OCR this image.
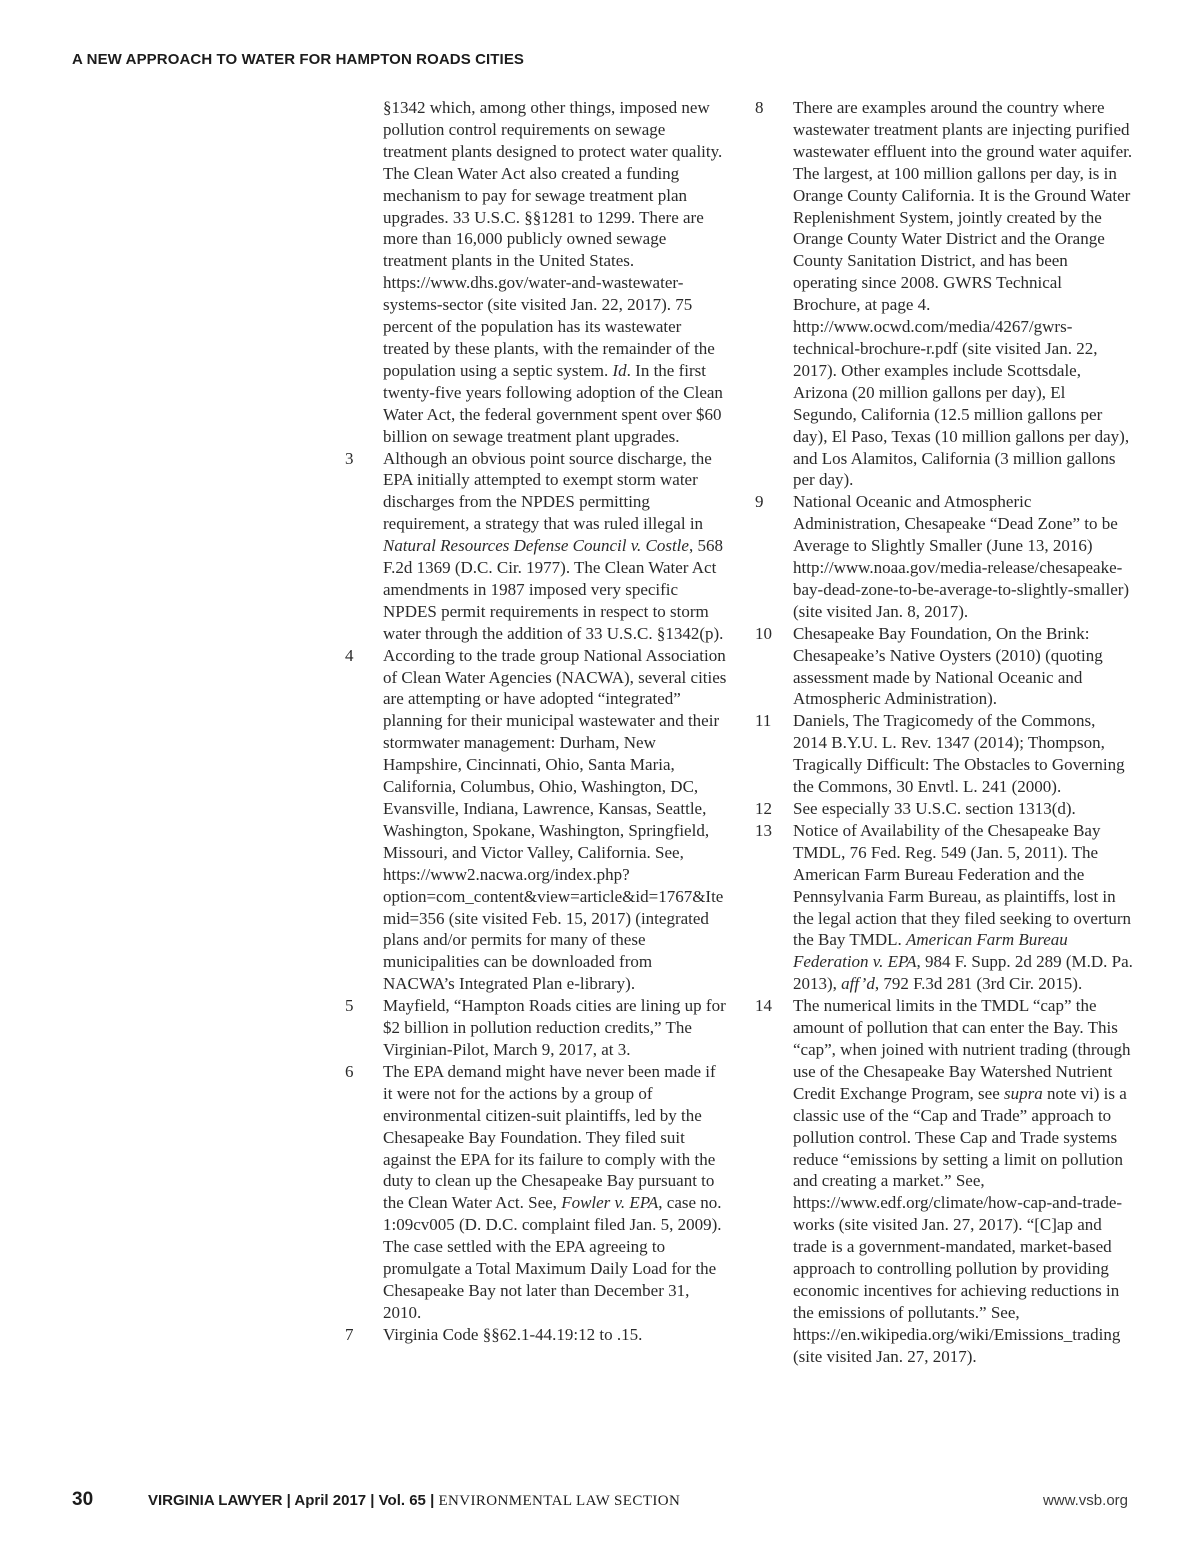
A NEW APPROACH TO WATER FOR HAMPTON ROADS CITIES
§1342 which, among other things, imposed new pollution control requirements on sewage treatment plants designed to protect water quality. The Clean Water Act also created a funding mechanism to pay for sewage treatment plan upgrades. 33 U.S.C. §§1281 to 1299. There are more than 16,000 publicly owned sewage treatment plants in the United States. https://www.dhs.gov/water-and-wastewater-systems-sector (site visited Jan. 22, 2017). 75 percent of the population has its wastewater treated by these plants, with the remainder of the population using a septic system. Id. In the first twenty-five years following adoption of the Clean Water Act, the federal government spent over $60 billion on sewage treatment plant upgrades.
3	Although an obvious point source discharge, the EPA initially attempted to exempt storm water discharges from the NPDES permitting requirement, a strategy that was ruled illegal in Natural Resources Defense Council v. Costle, 568 F.2d 1369 (D.C. Cir. 1977). The Clean Water Act amendments in 1987 imposed very specific NPDES permit requirements in respect to storm water through the addition of 33 U.S.C. §1342(p).
4	According to the trade group National Association of Clean Water Agencies (NACWA), several cities are attempting or have adopted “integrated” planning for their municipal wastewater and their stormwater management: Durham, New Hampshire, Cincinnati, Ohio, Santa Maria, California, Columbus, Ohio, Washington, DC, Evansville, Indiana, Lawrence, Kansas, Seattle, Washington, Spokane, Washington, Springfield, Missouri, and Victor Valley, California. See, https://www2.nacwa.org/index.php?option=com_content&view=article&id=1767&Itemid=356 (site visited Feb. 15, 2017) (integrated plans and/or permits for many of these municipalities can be downloaded from NACWA’s Integrated Plan e-library).
5	Mayfield, “Hampton Roads cities are lining up for $2 billion in pollution reduction credits,” The Virginian-Pilot, March 9, 2017, at 3.
6	The EPA demand might have never been made if it were not for the actions by a group of environmental citizen-suit plaintiffs, led by the Chesapeake Bay Foundation. They filed suit against the EPA for its failure to comply with the duty to clean up the Chesapeake Bay pursuant to the Clean Water Act. See, Fowler v. EPA, case no. 1:09cv005 (D. D.C. complaint filed Jan. 5, 2009). The case settled with the EPA agreeing to promulgate a Total Maximum Daily Load for the Chesapeake Bay not later than December 31, 2010.
7	Virginia Code §§62.1-44.19:12 to .15.
8	There are examples around the country where wastewater treatment plants are injecting purified wastewater effluent into the ground water aquifer. The largest, at 100 million gallons per day, is in Orange County California. It is the Ground Water Replenishment System, jointly created by the Orange County Water District and the Orange County Sanitation District, and has been operating since 2008. GWRS Technical Brochure, at page 4. http://www.ocwd.com/media/4267/gwrs-technical-brochure-r.pdf (site visited Jan. 22, 2017). Other examples include Scottsdale, Arizona (20 million gallons per day), El Segundo, California (12.5 million gallons per day), El Paso, Texas (10 million gallons per day), and Los Alamitos, California (3 million gallons per day).
9	National Oceanic and Atmospheric Administration, Chesapeake “Dead Zone” to be Average to Slightly Smaller (June 13, 2016) http://www.noaa.gov/media-release/chesapeake-bay-dead-zone-to-be-average-to-slightly-smaller) (site visited Jan. 8, 2017).
10	Chesapeake Bay Foundation, On the Brink: Chesapeake’s Native Oysters (2010) (quoting assessment made by National Oceanic and Atmospheric Administration).
11	Daniels, The Tragicomedy of the Commons, 2014 B.Y.U. L. Rev. 1347 (2014); Thompson, Tragically Difficult: The Obstacles to Governing the Commons, 30 Envtl. L. 241 (2000).
12	See especially 33 U.S.C. section 1313(d).
13	Notice of Availability of the Chesapeake Bay TMDL, 76 Fed. Reg. 549 (Jan. 5, 2011). The American Farm Bureau Federation and the Pennsylvania Farm Bureau, as plaintiffs, lost in the legal action that they filed seeking to overturn the Bay TMDL. American Farm Bureau Federation v. EPA, 984 F. Supp. 2d 289 (M.D. Pa. 2013), aff’d, 792 F.3d 281 (3rd Cir. 2015).
14	The numerical limits in the TMDL “cap” the amount of pollution that can enter the Bay. This “cap”, when joined with nutrient trading (through use of the Chesapeake Bay Watershed Nutrient Credit Exchange Program, see supra note vi) is a classic use of the “Cap and Trade” approach to pollution control. These Cap and Trade systems reduce “emissions by setting a limit on pollution and creating a market.” See, https://www.edf.org/climate/how-cap-and-trade-works (site visited Jan. 27, 2017). “[C]ap and trade is a government-mandated, market-based approach to controlling pollution by providing economic incentives for achieving reductions in the emissions of pollutants.” See, https://en.wikipedia.org/wiki/Emissions_trading (site visited Jan. 27, 2017).
30	VIRGINIA LAWYER | April 2017 | Vol. 65 | ENVIRONMENTAL LAW SECTION	www.vsb.org
